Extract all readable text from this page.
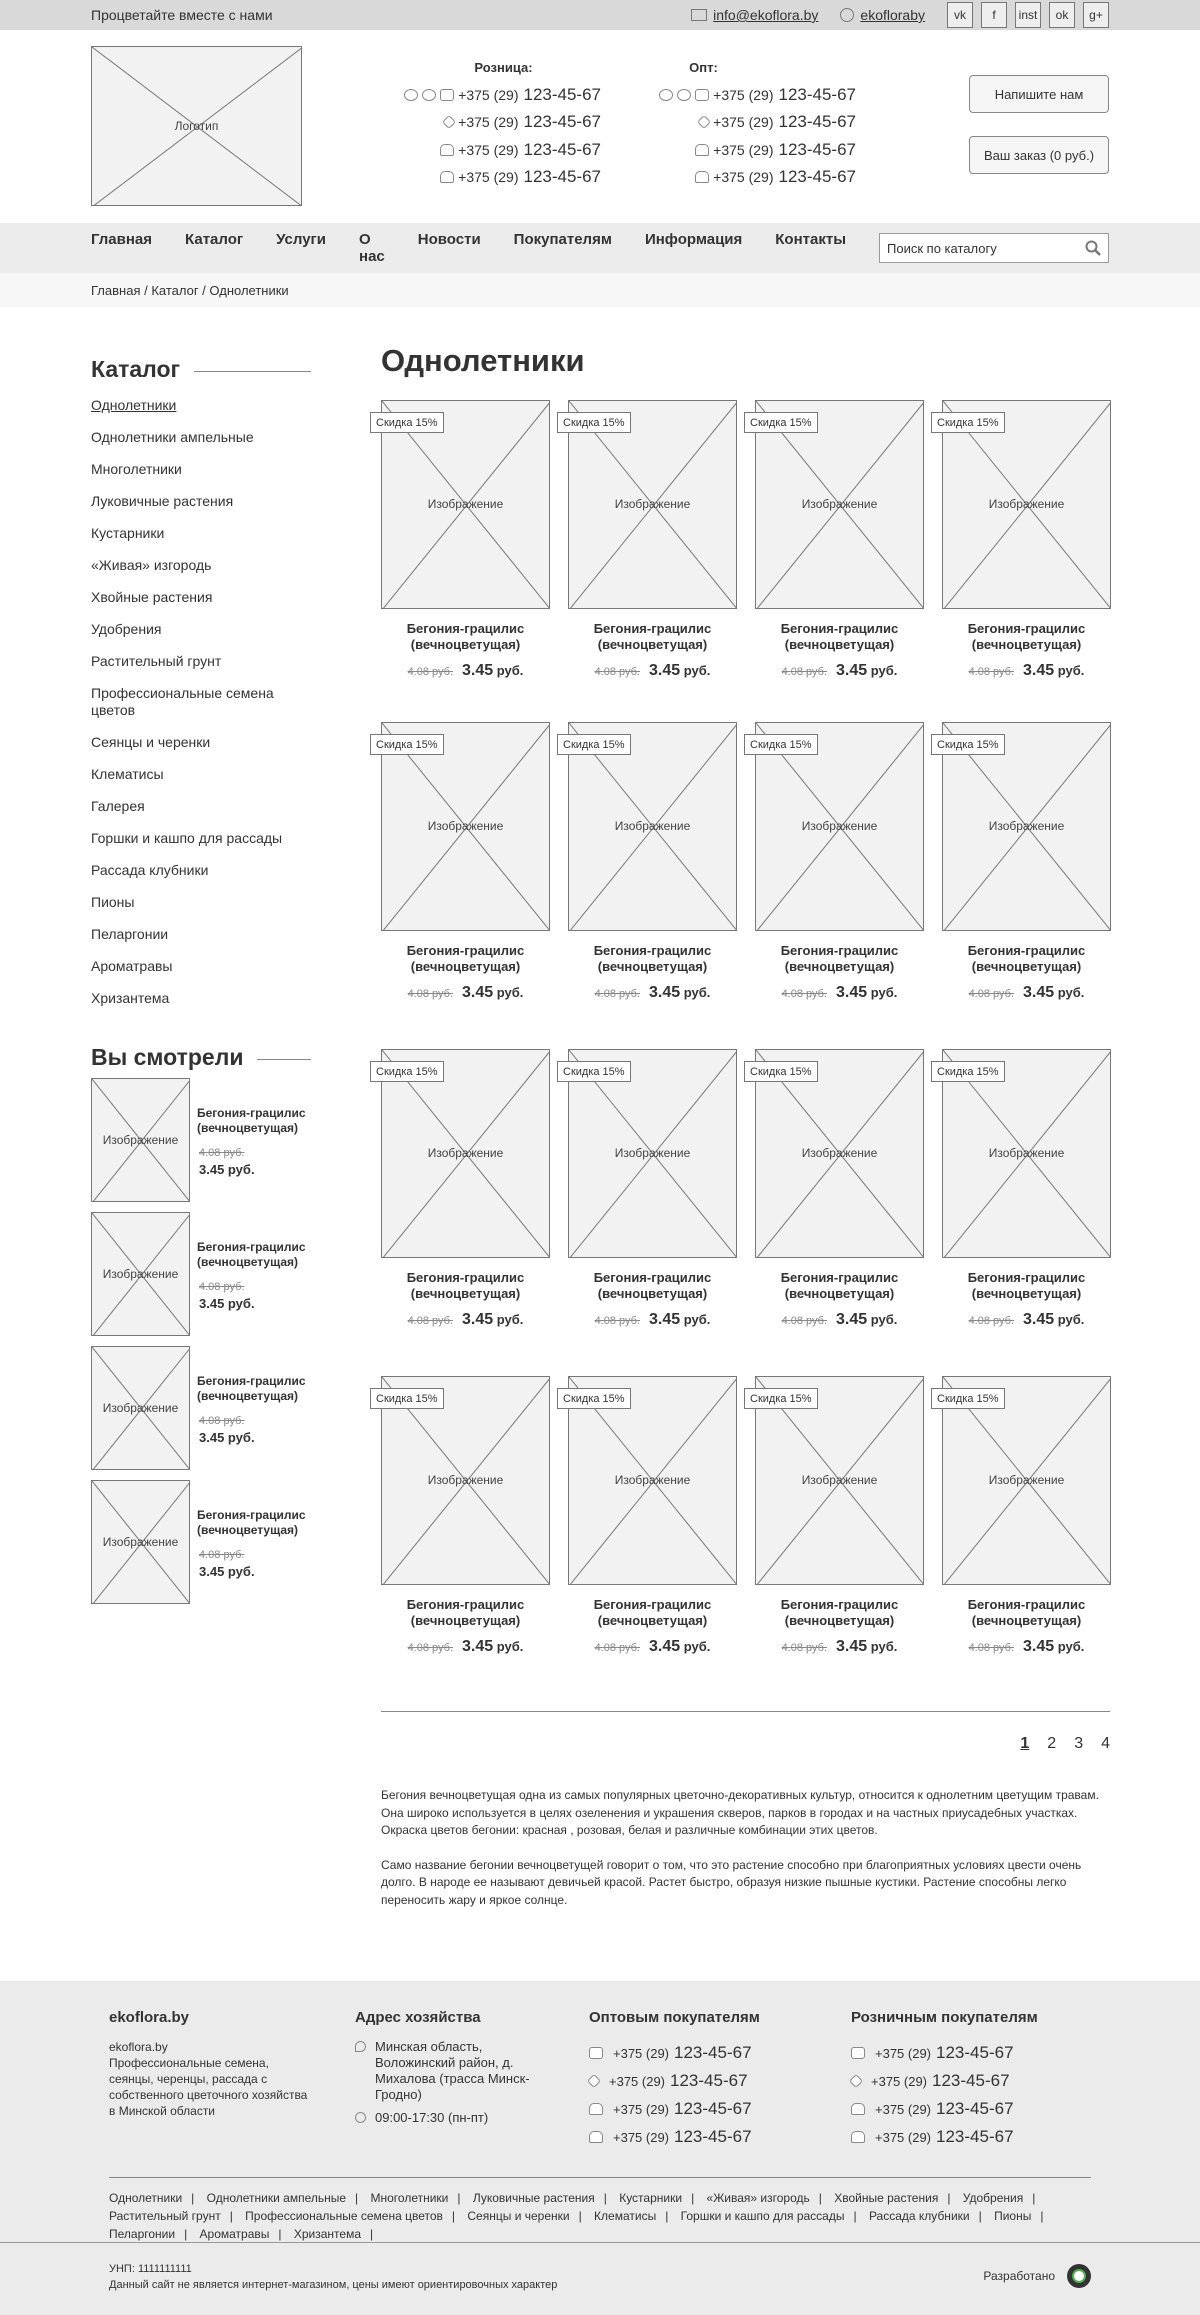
Процветайте вместе с нами	info@ekoflora.by	ekofloraby	vk	f	inst	ok	g+
Логотип
Розница:
+375 (29) 123-45-67
+375 (29) 123-45-67
+375 (29) 123-45-67
+375 (29) 123-45-67
Опт:
+375 (29) 123-45-67
+375 (29) 123-45-67
+375 (29) 123-45-67
+375 (29) 123-45-67
Напишите нам
Ваш заказ (0 руб.)
Главная Каталог Услуги О нас
Новости Покупателям Информация Контакты	Поиск по каталогу
Главная / Каталог / Однолетники
Каталог
Однолетники
Однолетники ампельные
Многолетники
Луковичные растения
Кустарники
«Живая» изгородь
Хвойные растения
Удобрения
Растительный грунт
Профессиональные семена цветов
Сеянцы и черенки
Клематисы
Галерея
Горшки и кашпо для рассады
Рассада клубники
Пионы
Пеларгонии
Ароматравы
Хризантема
Вы смотрели
Изображение
Бегония-грацилис (вечноцветущая)
4.08 руб.
3.45 руб.
Изображение
Бегония-грацилис (вечноцветущая)
4.08 руб.
3.45 руб.
Изображение
Бегония-грацилис (вечноцветущая)
4.08 руб.
3.45 руб.
Изображение
Бегония-грацилис (вечноцветущая)
4.08 руб.
3.45 руб.
Однолетники
Изображение
Скидка 15%
Бегония-грацилис (вечноцветущая)
4.08 руб. 3.45 руб.
Изображение
Скидка 15%
Бегония-грацилис (вечноцветущая)
4.08 руб. 3.45 руб.
Изображение
Скидка 15%
Бегония-грацилис (вечноцветущая)
4.08 руб. 3.45 руб.
Изображение
Скидка 15%
Бегония-грацилис (вечноцветущая)
4.08 руб. 3.45 руб.
Изображение
Скидка 15%
Бегония-грацилис (вечноцветущая)
4.08 руб. 3.45 руб.
Изображение
Скидка 15%
Бегония-грацилис (вечноцветущая)
4.08 руб. 3.45 руб.
Изображение
Скидка 15%
Бегония-грацилис (вечноцветущая)
4.08 руб. 3.45 руб.
Изображение
Скидка 15%
Бегония-грацилис (вечноцветущая)
4.08 руб. 3.45 руб.
Изображение
Скидка 15%
Бегония-грацилис (вечноцветущая)
4.08 руб. 3.45 руб.
Изображение
Скидка 15%
Бегония-грацилис (вечноцветущая)
4.08 руб. 3.45 руб.
Изображение
Скидка 15%
Бегония-грацилис (вечноцветущая)
4.08 руб. 3.45 руб.
Изображение
Скидка 15%
Бегония-грацилис (вечноцветущая)
4.08 руб. 3.45 руб.
Изображение
Скидка 15%
Бегония-грацилис (вечноцветущая)
4.08 руб. 3.45 руб.
Изображение
Скидка 15%
Бегония-грацилис (вечноцветущая)
4.08 руб. 3.45 руб.
Изображение
Скидка 15%
Бегония-грацилис (вечноцветущая)
4.08 руб. 3.45 руб.
Изображение
Скидка 15%
Бегония-грацилис (вечноцветущая)
4.08 руб. 3.45 руб.
1 2 3 4

Бегония вечноцветущая одна из самых популярных цветочно-декоративных культур, относится к однолетним цветущим травам. Она широко используется в целях озеленения и украшения скверов, парков в городах и на частных приусадебных участках.
Окраска цветов бегонии: красная , розовая, белая и различные комбинации этих цветов.

Само название бегонии вечноцветущей говорит о том, что это растение способно при благоприятных условиях цвести очень долго. В народе ее называют девичьей красой. Растет быстро, образуя низкие пышные кустики. Растение способны легко переносить жару и яркое солнце.

ekoflora.by
ekoflora.by
Профессиональные семена, сеянцы, черенцы, рассада с собственного цветочного хозяйства в Минской области
Адрес хозяйства
Минская область, Воложинский район, д. Михалова (трасса Минск-Гродно)
09:00-17:30 (пн-пт)
Оптовым покупателям
+375 (29) 123-45-67
+375 (29) 123-45-67
+375 (29) 123-45-67
+375 (29) 123-45-67
Розничным покупателям
+375 (29) 123-45-67
+375 (29) 123-45-67
+375 (29) 123-45-67
+375 (29) 123-45-67
Однолетники | Однолетники ампельные | Многолетники | Луковичные растения | Кустарники | «Живая» изгородь | Хвойные растения | Удобрения | Растительный грунт | Профессиональные семена цветов | Сеянцы и черенки | Клематисы | Горшки и кашпо для рассады | Рассада клубники | Пионы | Пеларгонии | Ароматравы | Хризантема |
УНП: 1111111111
Данный сайт не является интернет-магазином, цены имеют ориентировочных характер
Разработано
